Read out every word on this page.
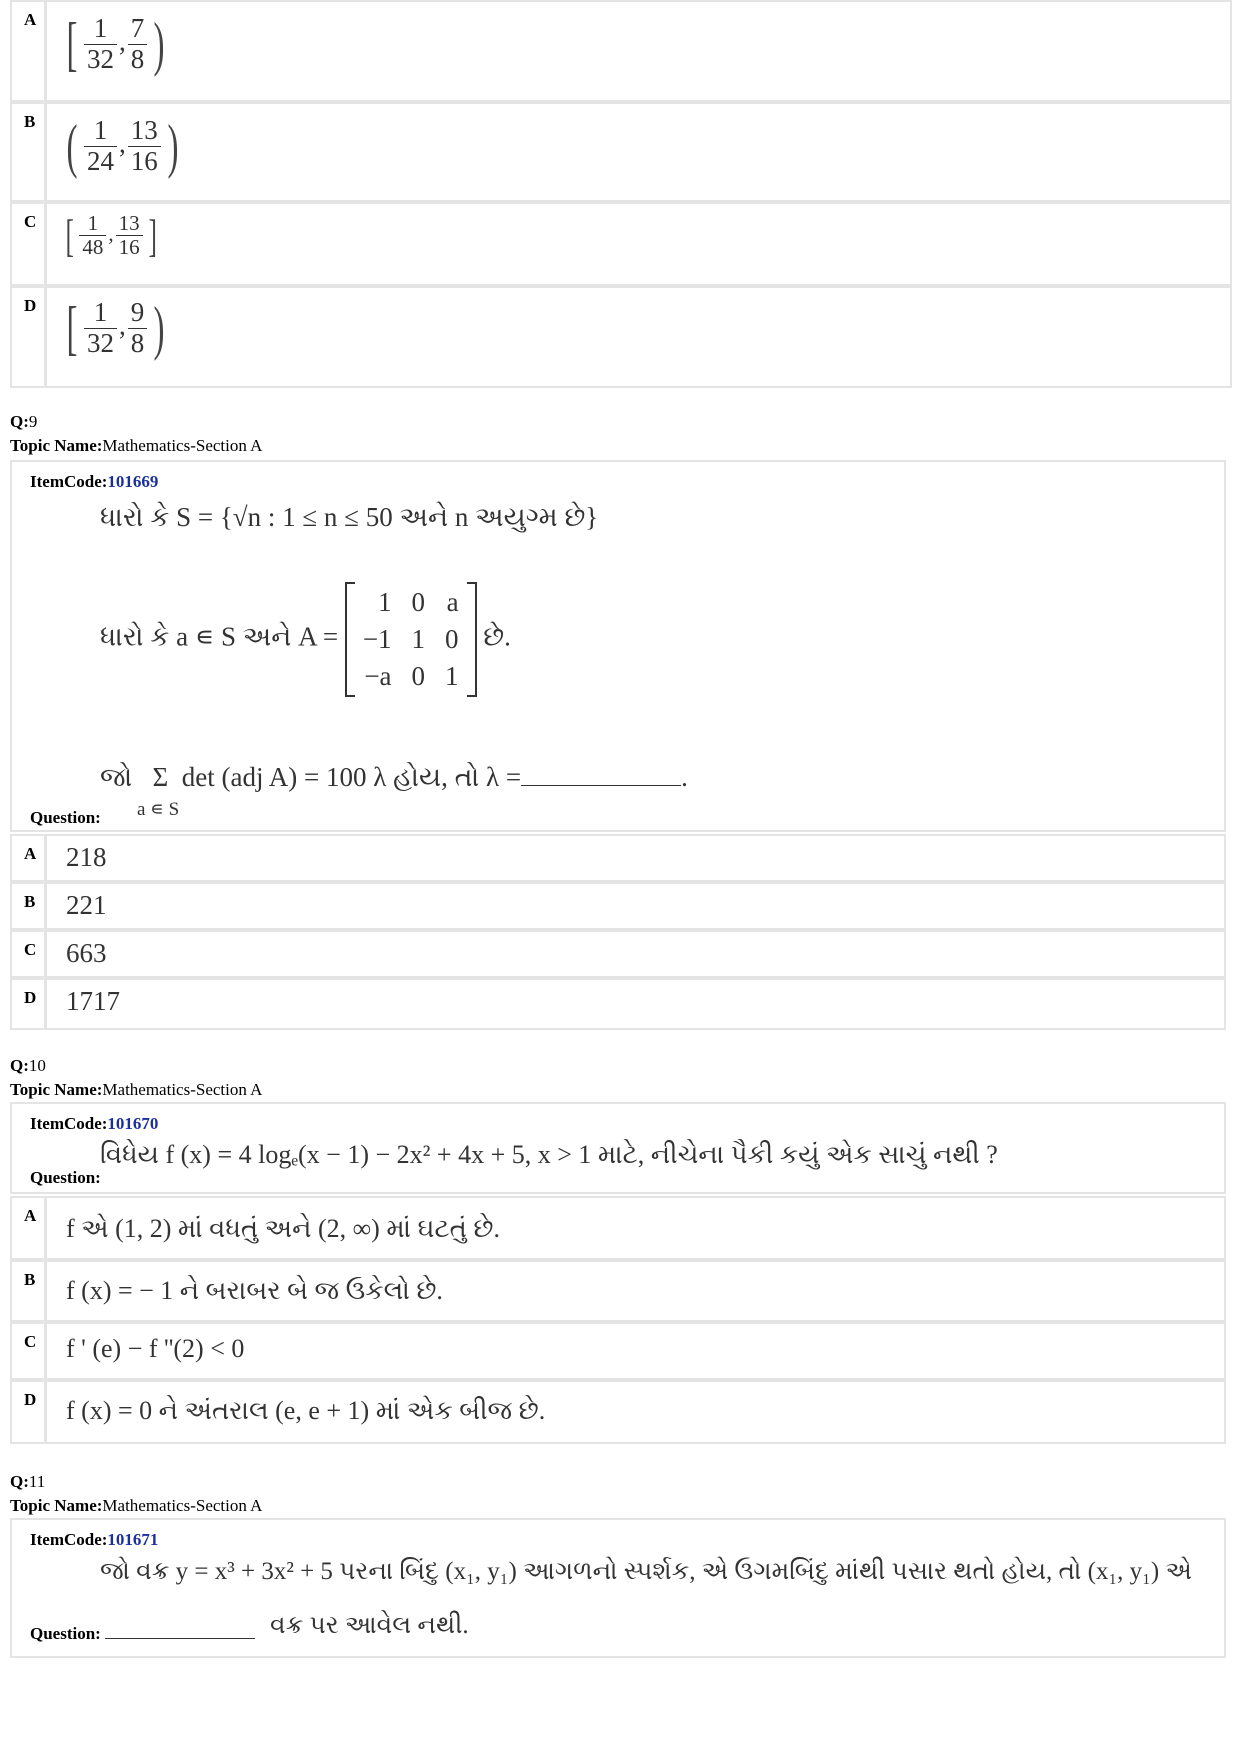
A [ $\frac{1}{32}$ , $\frac{7}{8}$ )
B ( $\frac{1}{24}$ , $\frac{13}{16}$ )
C [ $\frac{1}{48}$ , $\frac{13}{16}$ ]
D [ $\frac{1}{32}$ , $\frac{9}{8}$ )
Q:9
Topic Name:Mathematics-Section A
ItemCode:101669
ધારો કે S = {√n : 1 ≤ n ≤ 50 અને n અયુગ્મ છે}
ધારો કે a ∊ S અને A =
1	0	a
−1	1	0
−a	0	1
છે.
જો Σ det (adj A) = 100 λ હોય, તો λ =	.
a ∊ S
Question:
A 218
B 221
C 663
D 1717
Q:10
Topic Name:Mathematics-Section A
ItemCode:101670
વિધેય f (x) = 4 logₑ(x − 1) − 2x² + 4x + 5, x > 1 માટે, નીચેના પૈકી કયું એક સાચું નથી ?
Question:
A f એ (1, 2) માં વધતું અને (2, ∞) માં ઘટતું છે.
B f (x) = − 1 ને બરાબર બે જ ઉકેલો છે.
C f ' (e) − f ''(2) < 0
D f (x) = 0 ને અંતરાલ (e, e + 1) માં એક બીજ છે.
Q:11
Topic Name:Mathematics-Section A
ItemCode:101671
જો વક્ર y = x³ + 3x² + 5 પરના બિંદુ (x₁, y₁) આગળનો સ્પર્શક, એ ઉગમબિંદુ માંથી પસાર થતો હોય, તો (x₁, y₁) એ
Question:	વક્ર પર આવેલ નથી.
